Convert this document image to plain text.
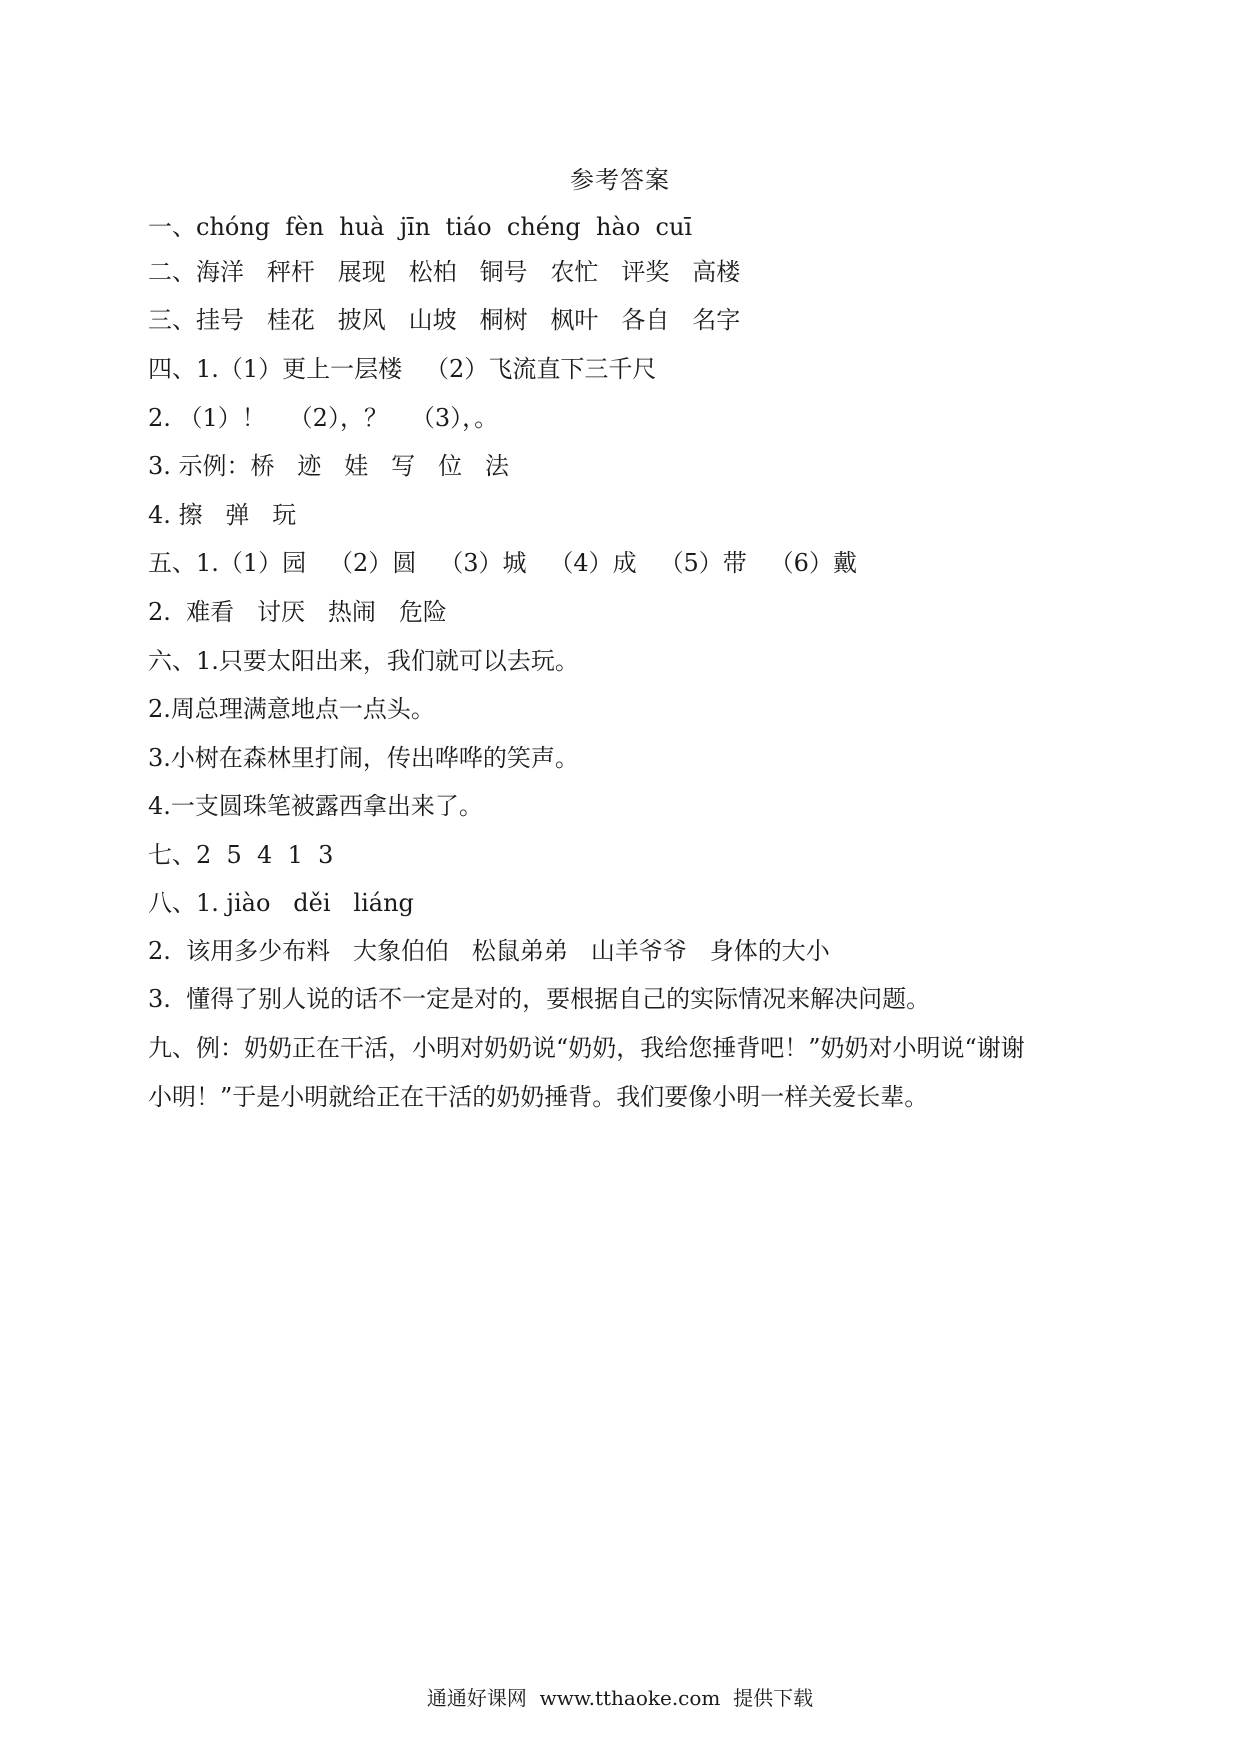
参考答案
一、chóng  fèn  huà  jīn  tiáo  chéng  hào  cuī
二、海洋   秤杆   展现   松柏   铜号   农忙   评奖   高楼
三、挂号   桂花   披风   山坡   桐树   枫叶   各自   名字
四、1.（1）更上一层楼   （2）飞流直下三千尺
2. （1）！   （2），？   （3），。
3. 示例：桥   迹   娃   写   位   法
4. 擦   弹   玩
五、1.（1）园   （2）圆   （3）城   （4）成   （5）带   （6）戴
2.  难看   讨厌   热闹   危险
六、1.只要太阳出来，我们就可以去玩。
2.周总理满意地点一点头。
3.小树在森林里打闹，传出哗哗的笑声。
4.一支圆珠笔被露西拿出来了。
七、2  5  4  1  3
八、1. jiào   děi   liáng
2.  该用多少布料   大象伯伯   松鼠弟弟   山羊爷爷   身体的大小
3.  懂得了别人说的话不一定是对的，要根据自己的实际情况来解决问题。
九、例：奶奶正在干活，小明对奶奶说“奶奶，我给您捶背吧！”奶奶对小明说“谢谢
小明！”于是小明就给正在干活的奶奶捶背。我们要像小明一样关爱长辈。
通通好课网  www.tthaoke.com  提供下载
